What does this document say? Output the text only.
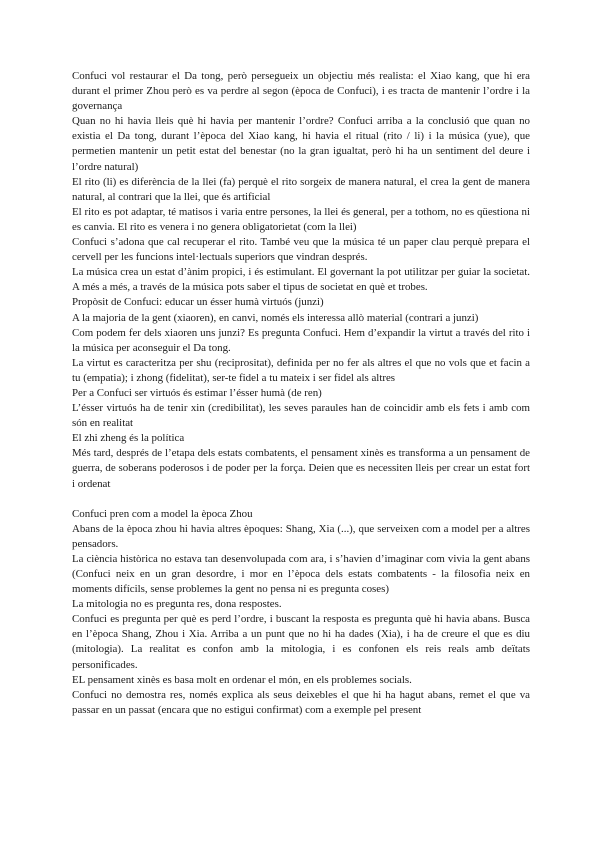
Confuci vol restaurar el Da tong, però persegueix un objectiu més realista: el Xiao kang, que hi era durant el primer Zhou però es va perdre al segon (època de Confuci), i es tracta de mantenir l’ordre i la governança

Quan no hi havia lleis què hi havia per mantenir l’ordre? Confuci arriba a la conclusió que quan no existia el Da tong, durant l’època del Xiao kang, hi havia el ritual (rito / li) i la música (yue), que permetien mantenir un petit estat del benestar (no la gran igualtat, però hi ha un sentiment del deure i l’ordre natural)

El rito (li) es diferència de la llei (fa) perquè el rito sorgeix de manera natural, el crea la gent de manera natural, al contrari que la llei, que és artificial

El rito es pot adaptar, té matisos i varia entre persones, la llei és general, per a tothom, no es qüestiona ni es canvia. El rito es venera i no genera obligatorietat (com la llei)

Confuci s’adona que cal recuperar el rito. També veu que la música té un paper clau perquè prepara el cervell per les funcions intel·lectuals superiors que vindran després.

La música crea un estat d’ànim propici, i és estimulant. El governant la pot utilitzar per guiar la societat. A més a més, a través de la música pots saber el tipus de societat en què et trobes.

Propòsit de Confuci: educar un ésser humà virtuós (junzi)

A la majoria de la gent (xiaoren), en canvi, només els interessa allò material (contrari a junzi)

Com podem fer dels xiaoren uns junzi? Es pregunta Confuci. Hem d’expandir la virtut a través del rito i la música per aconseguir el Da tong.

La virtut es caracteritza per shu (reciprositat), definida per no fer als altres el que no vols que et facin a tu (empatia); i zhong (fidelitat), ser-te fidel a tu mateix i ser fidel als altres

Per a Confuci ser virtuós és estimar l’ésser humà (de ren)

L’ésser virtuós ha de tenir xin (credibilitat), les seves paraules han de coincidir amb els fets i amb com són en realitat

El zhi zheng és la política

Més tard, després de l’etapa dels estats combatents, el pensament xinès es transforma a un pensament de guerra, de soberans poderosos i de poder per la força. Deien que es necessiten lleis per crear un estat fort i ordenat

Confuci pren com a model la època Zhou

Abans de la època zhou hi havia altres èpoques: Shang, Xia (...), que serveixen com a model per a altres pensadors.

La ciència històrica no estava tan desenvolupada com ara, i s’havien d’imaginar com vivia la gent abans (Confuci neix en un gran desordre, i mor en l’època dels estats combatents - la filosofia neix en moments difícils, sense problemes la gent no pensa ni es pregunta coses)

La mitologia no es pregunta res, dona respostes.

Confuci es pregunta per què es perd l’ordre, i buscant la resposta es pregunta què hi havia abans. Busca en l’època Shang, Zhou i Xia. Arriba a un punt que no hi ha dades (Xia), i ha de creure el que es diu (mitologia). La realitat es confon amb la mitologia, i es confonen els reis reals amb deïtats personificades.

EL pensament xinès es basa molt en ordenar el món, en els problemes socials.

Confuci no demostra res, només explica als seus deixebles el que hi ha hagut abans, remet el que va passar en un passat (encara que no estigui confirmat) com a exemple pel present
